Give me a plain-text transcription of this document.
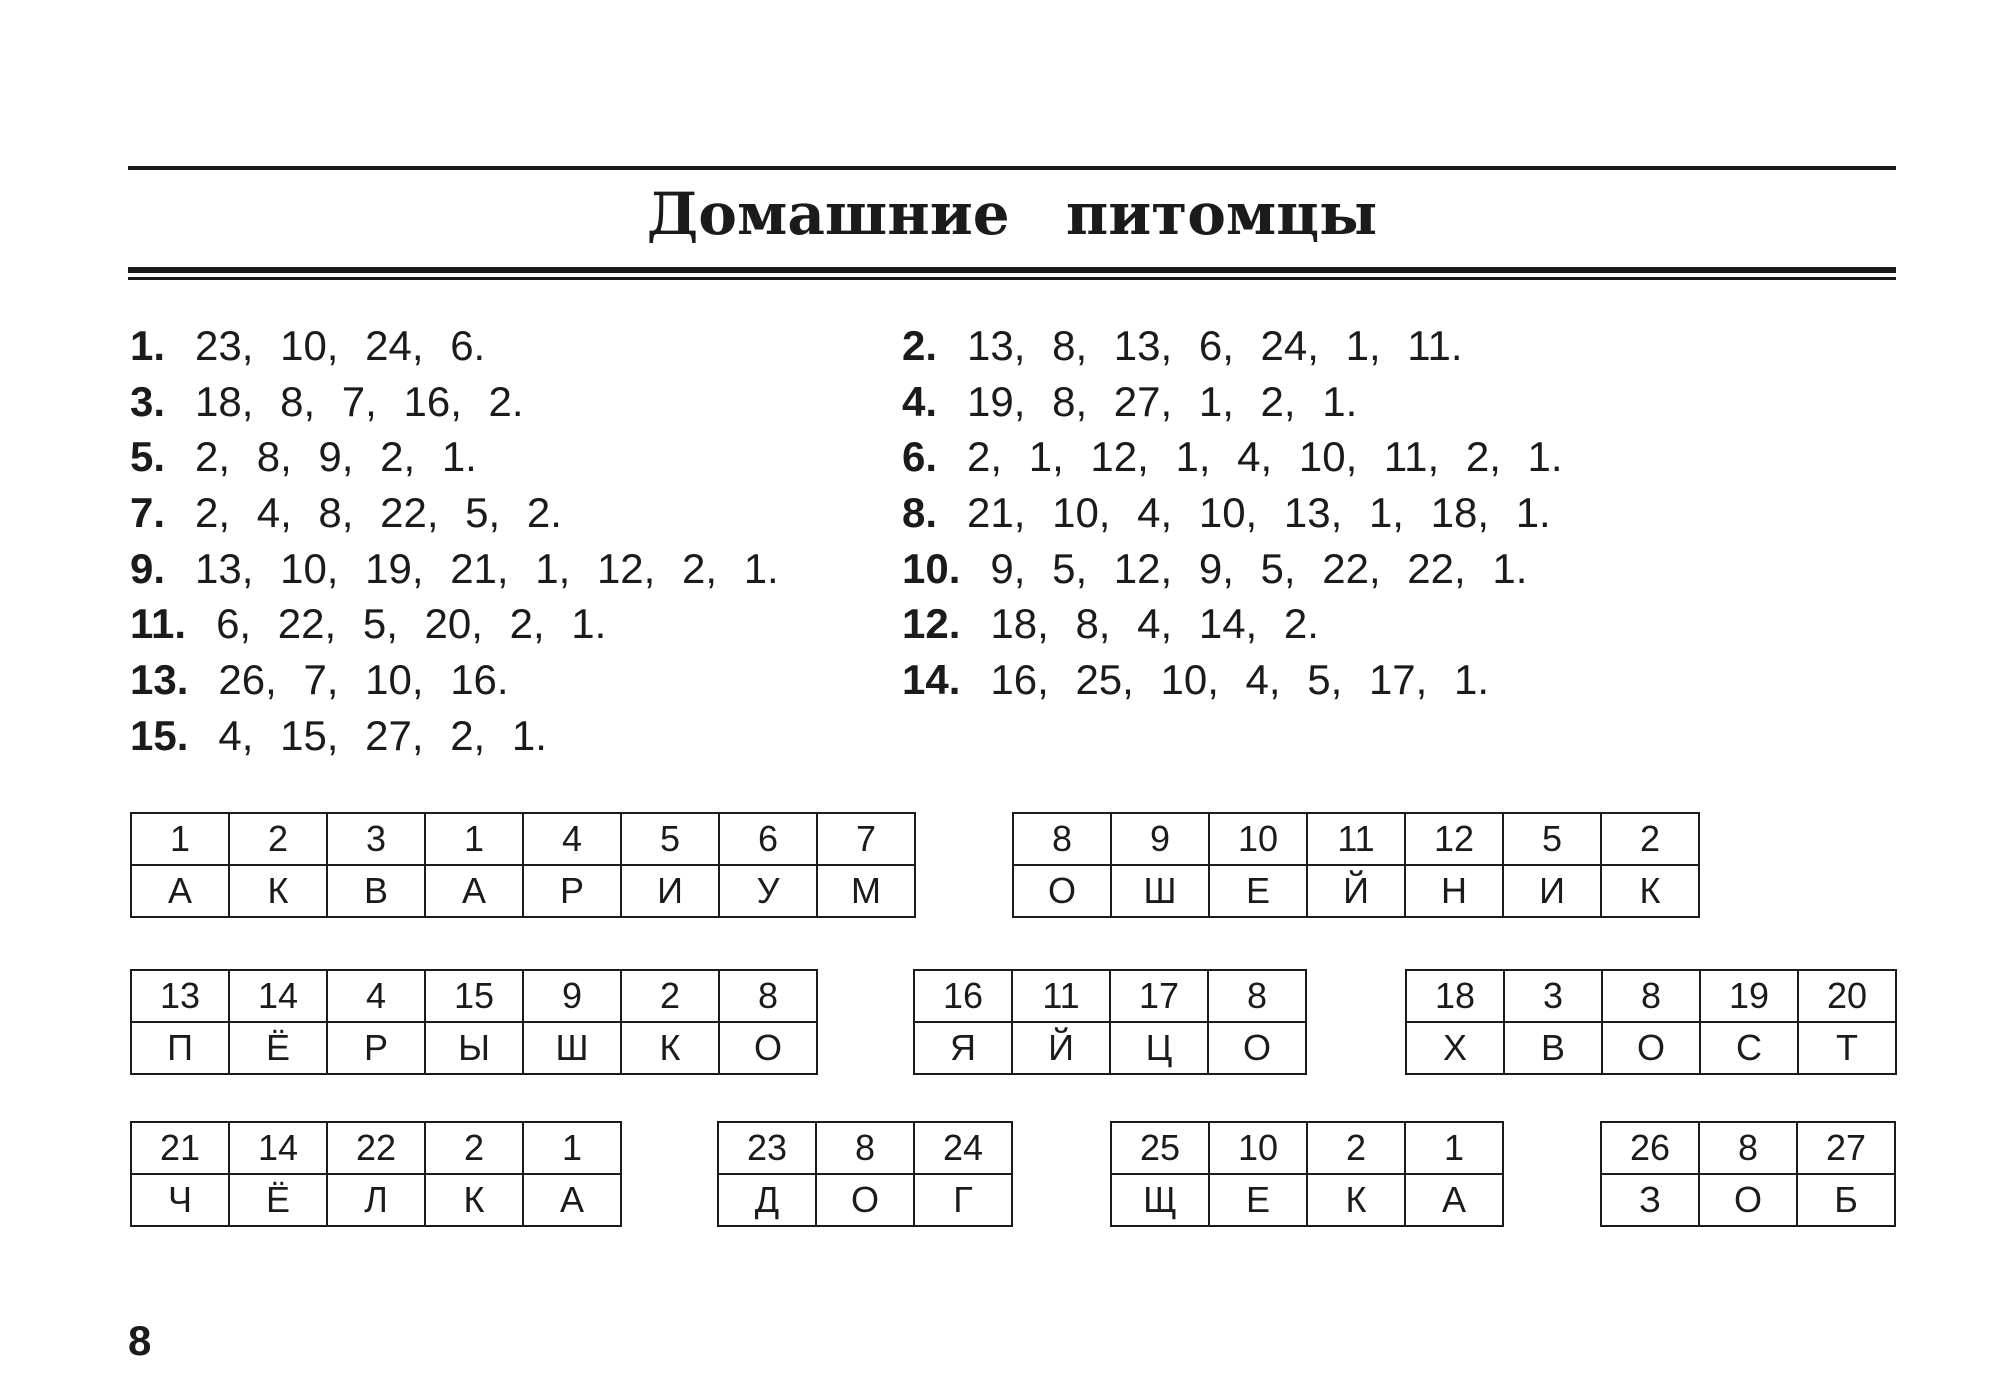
Домашние питомцы
1. 23, 10, 24, 6.
3. 18, 8, 7, 16, 2.
5. 2, 8, 9, 2, 1.
7. 2, 4, 8, 22, 5, 2.
9. 13, 10, 19, 21, 1, 12, 2, 1.
11. 6, 22, 5, 20, 2, 1.
13. 26, 7, 10, 16.
15. 4, 15, 27, 2, 1.
2. 13, 8, 13, 6, 24, 1, 11.
4. 19, 8, 27, 1, 2, 1.
6. 2, 1, 12, 1, 4, 10, 11, 2, 1.
8. 21, 10, 4, 10, 13, 1, 18, 1.
10. 9, 5, 12, 9, 5, 22, 22, 1.
12. 18, 8, 4, 14, 2.
14. 16, 25, 10, 4, 5, 17, 1.
1	2	3	1	4	5	6	7
А	К	В	А	Р	И	У	М
8	9	10	11	12	5	2
О	Ш	Е	Й	Н	И	К
13	14	4	15	9	2	8
П	Ё	Р	Ы	Ш	К	О
16	11	17	8
Я	Й	Ц	О
18	3	8	19	20
Х	В	О	С	Т
21	14	22	2	1
Ч	Ё	Л	К	А
23	8	24
Д	О	Г
25	10	2	1
Щ	Е	К	А
26	8	27
З	О	Б
8
